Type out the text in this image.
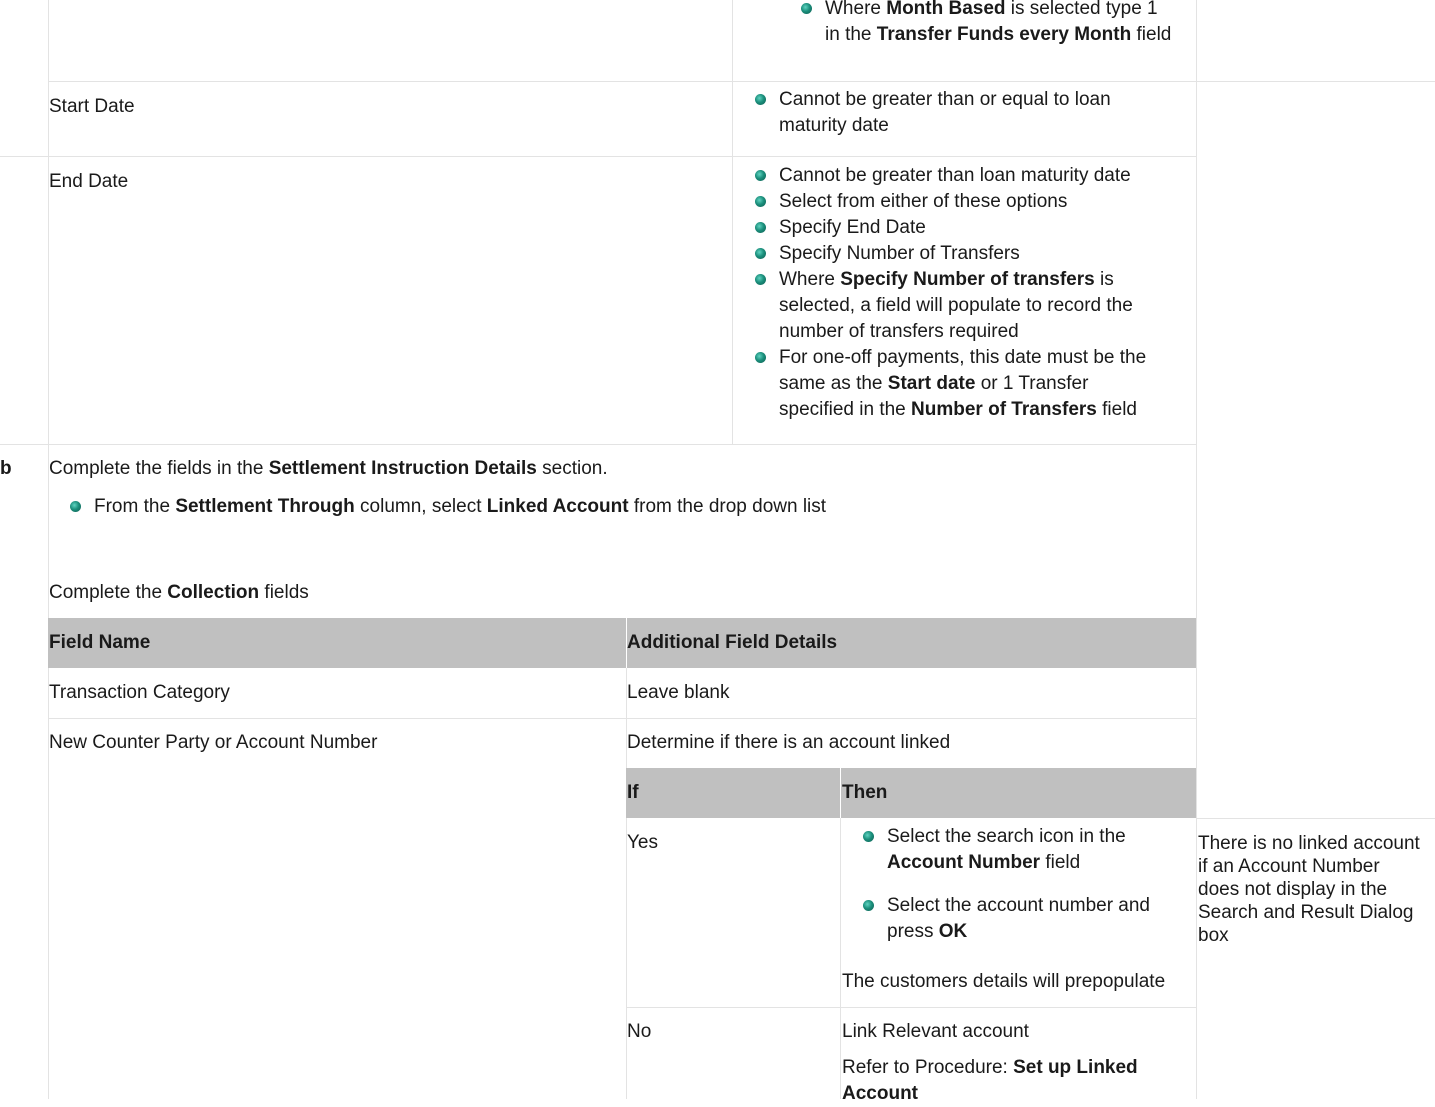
Where Month Based is selected type 1
in the Transfer Funds every Month field
Start Date	Cannot be greater than or equal to loan
maturity date
End Date	Cannot be greater than loan maturity date
Select from either of these options
Specify End Date
Specify Number of Transfers
Where Specify Number of transfers is
selected, a field will populate to record the
number of transfers required
For one-off payments, this date must be the
same as the Start date or 1 Transfer
specified in the Number of Transfers field
b Complete the fields in the Settlement Instruction Details section.
From the Settlement Through column, select Linked Account from the drop down list
Complete the Collection fields
Field Name	Additional Field Details
Transaction Category	Leave blank
New Counter Party or Account Number	Determine if there is an account linked
If	Then
Yes	Select the search icon in the
Account Number field
Select the account number and
press OK
The customers details will prepopulate
No	Link Relevant account
Refer to Procedure: Set up Linked
Account
There is no linked account
if an Account Number
does not display in the
Search and Result Dialog
box
